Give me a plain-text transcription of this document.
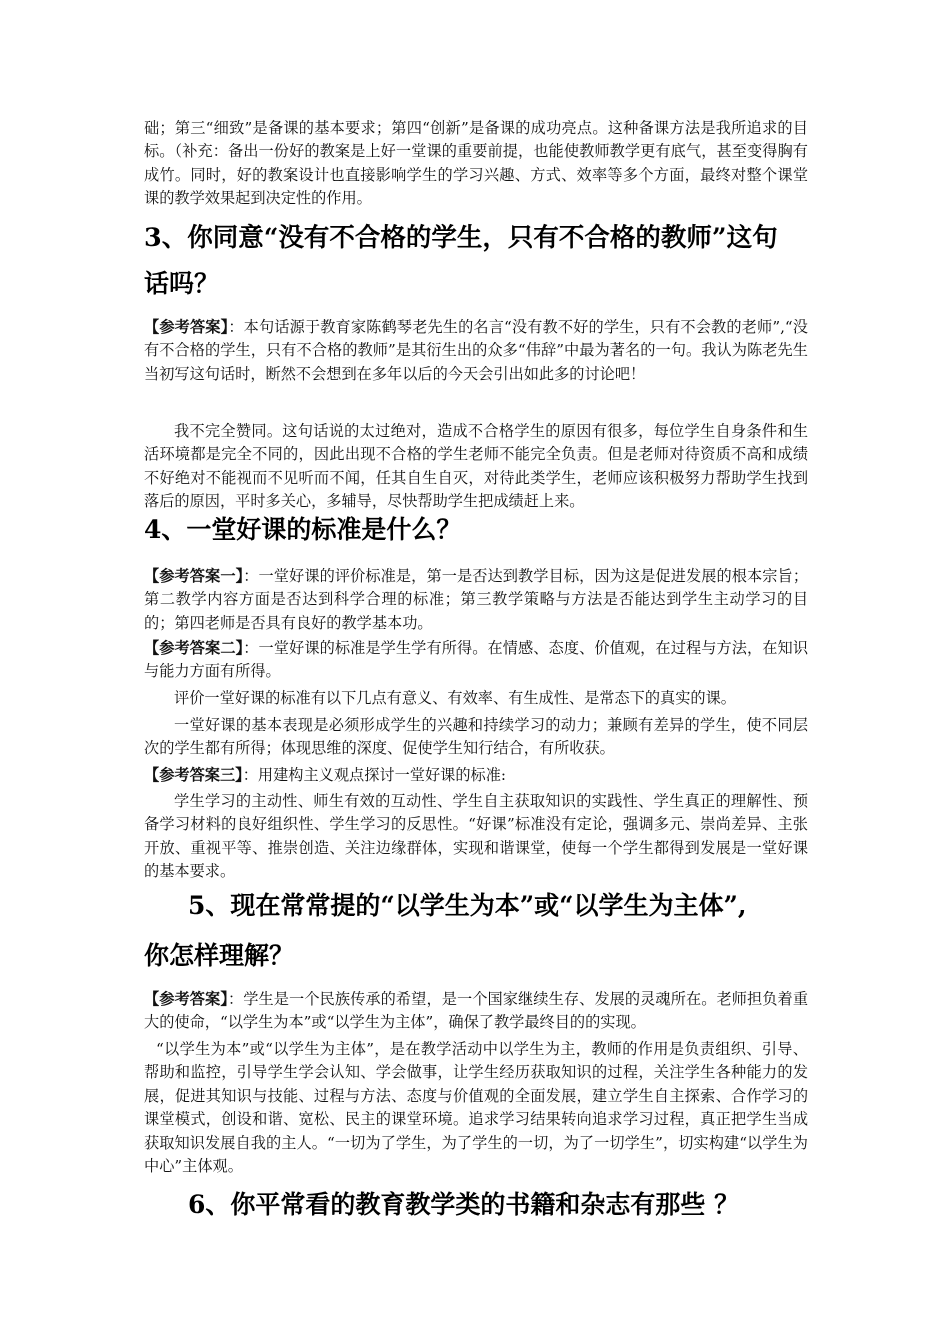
础；第三“细致”是备课的基本要求；第四“创新”是备课的成功亮点。这种备课方法是我所追求的目标。（补充：备出一份好的教案是上好一堂课的重要前提，也能使教师教学更有底气，甚至变得胸有成竹。同时，好的教案设计也直接影响学生的学习兴趣、方式、效率等多个方面，最终对整个课堂课的教学效果起到决定性的作用。

3、你同意“没有不合格的学生，只有不合格的教师”这句
话吗？

【参考答案】：本句话源于教育家陈鹤琴老先生的名言“没有教不好的学生，只有不会教的老师”,“没有不合格的学生，只有不合格的教师”是其衍生出的众多“伟辞”中最为著名的一句。我认为陈老先生当初写这句话时，断然不会想到在多年以后的今天会引出如此多的讨论吧！

我不完全赞同。这句话说的太过绝对，造成不合格学生的原因有很多，每位学生自身条件和生活环境都是完全不同的，因此出现不合格的学生老师不能完全负责。但是老师对待资质不高和成绩不好绝对不能视而不见听而不闻，任其自生自灭，对待此类学生，老师应该积极努力帮助学生找到落后的原因，平时多关心，多辅导，尽快帮助学生把成绩赶上来。

4、一堂好课的标准是什么？

【参考答案一】：一堂好课的评价标准是，第一是否达到教学目标，因为这是促进发展的根本宗旨；第二教学内容方面是否达到科学合理的标准；第三教学策略与方法是否能达到学生主动学习的目的；第四老师是否具有良好的教学基本功。

【参考答案二】：一堂好课的标准是学生学有所得。在情感、态度、价值观，在过程与方法，在知识与能力方面有所得。

评价一堂好课的标准有以下几点有意义、有效率、有生成性、是常态下的真实的课。

一堂好课的基本表现是必须形成学生的兴趣和持续学习的动力；兼顾有差异的学生，使不同层次的学生都有所得；体现思维的深度、促使学生知行结合，有所收获。

【参考答案三】：用建构主义观点探讨一堂好课的标准:

学生学习的主动性、师生有效的互动性、学生自主获取知识的实践性、学生真正的理解性、预备学习材料的良好组织性、学生学习的反思性。“好课”标准没有定论，强调多元、崇尚差异、主张开放、重视平等、推崇创造、关注边缘群体，实现和谐课堂，使每一个学生都得到发展是一堂好课的基本要求。

5、现在常常提的“以学生为本”或“以学生为主体”,
你怎样理解？

【参考答案】：学生是一个民族传承的希望，是一个国家继续生存、发展的灵魂所在。老师担负着重大的使命，“以学生为本”或“以学生为主体”，确保了教学最终目的的实现。

“以学生为本”或“以学生为主体”，是在教学活动中以学生为主，教师的作用是负责组织、引导、帮助和监控，引导学生学会认知、学会做事，让学生经历获取知识的过程，关注学生各种能力的发展，促进其知识与技能、过程与方法、态度与价值观的全面发展，建立学生自主探索、合作学习的课堂模式，创设和谐、宽松、民主的课堂环境。追求学习结果转向追求学习过程，真正把学生当成获取知识发展自我的主人。“一切为了学生，为了学生的一切，为了一切学生”，切实构建“以学生为中心”主体观。

6、你平常看的教育教学类的书籍和杂志有那些 ？
